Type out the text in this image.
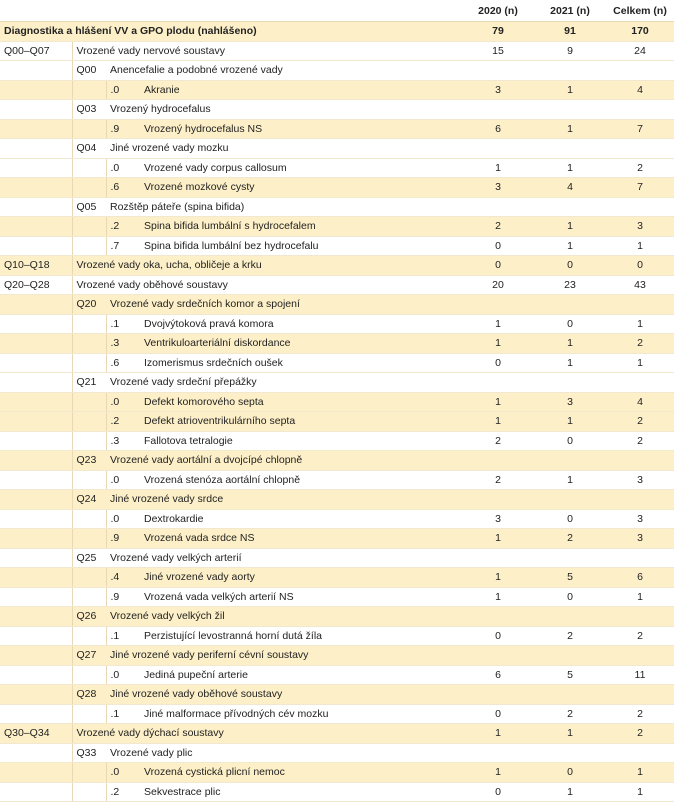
				2020 (n)	2021 (n)	Celkem (n)
Diagnostika a hlášení VV a GPO plodu (nahlášeno)				79	91	170
Q00–Q07	Vrozené vady nervové soustavy			15	9	24
	Q00	Anencefalie a podobné vrozené vady				
		.0	Akranie	3	1	4
	Q03	Vrozený hydrocefalus				
		.9	Vrozený hydrocefalus NS	6	1	7
	Q04	Jiné vrozené vady mozku				
		.0	Vrozené vady corpus callosum	1	1	2
		.6	Vrozené mozkové cysty	3	4	7
	Q05	Rozštěp páteře (spina bifida)				
		.2	Spina bifida lumbální s hydrocefalem	2	1	3
		.7	Spina bifida lumbální bez hydrocefalu	0	1	1
Q10–Q18	Vrozené vady oka, ucha, obličeje a krku			0	0	0
Q20–Q28	Vrozené vady oběhové soustavy			20	23	43
	Q20	Vrozené vady srdečních komor a spojení				
		.1	Dvojvýtoková pravá komora	1	0	1
		.3	Ventrikuloarteriální diskordance	1	1	2
		.6	Izomerismus srdečních oušek	0	1	1
	Q21	Vrozené vady srdeční přepážky				
		.0	Defekt komorového septa	1	3	4
		.2	Defekt atrioventrikulárního septa	1	1	2
		.3	Fallotova tetralogie	2	0	2
	Q23	Vrozené vady aortální a dvojcípé chlopně				
		.0	Vrozená stenóza aortální chlopně	2	1	3
	Q24	Jiné vrozené vady srdce				
		.0	Dextrokardie	3	0	3
		.9	Vrozená vada srdce NS	1	2	3
	Q25	Vrozené vady velkých arterií				
		.4	Jiné vrozené vady aorty	1	5	6
		.9	Vrozená vada velkých arterií NS	1	0	1
	Q26	Vrozené vady velkých žil				
		.1	Perzistující levostranná horní dutá žíla	0	2	2
	Q27	Jiné vrozené vady periferní cévní soustavy				
		.0	Jediná pupeční arterie	6	5	11
	Q28	Jiné vrozené vady oběhové soustavy				
		.1	Jiné malformace přívodných cév mozku	0	2	2
Q30–Q34	Vrozené vady dýchací soustavy			1	1	2
	Q33	Vrozené vady plic				
		.0	Vrozená cystická plicní nemoc	1	0	1
		.2	Sekvestrace plic	0	1	1
